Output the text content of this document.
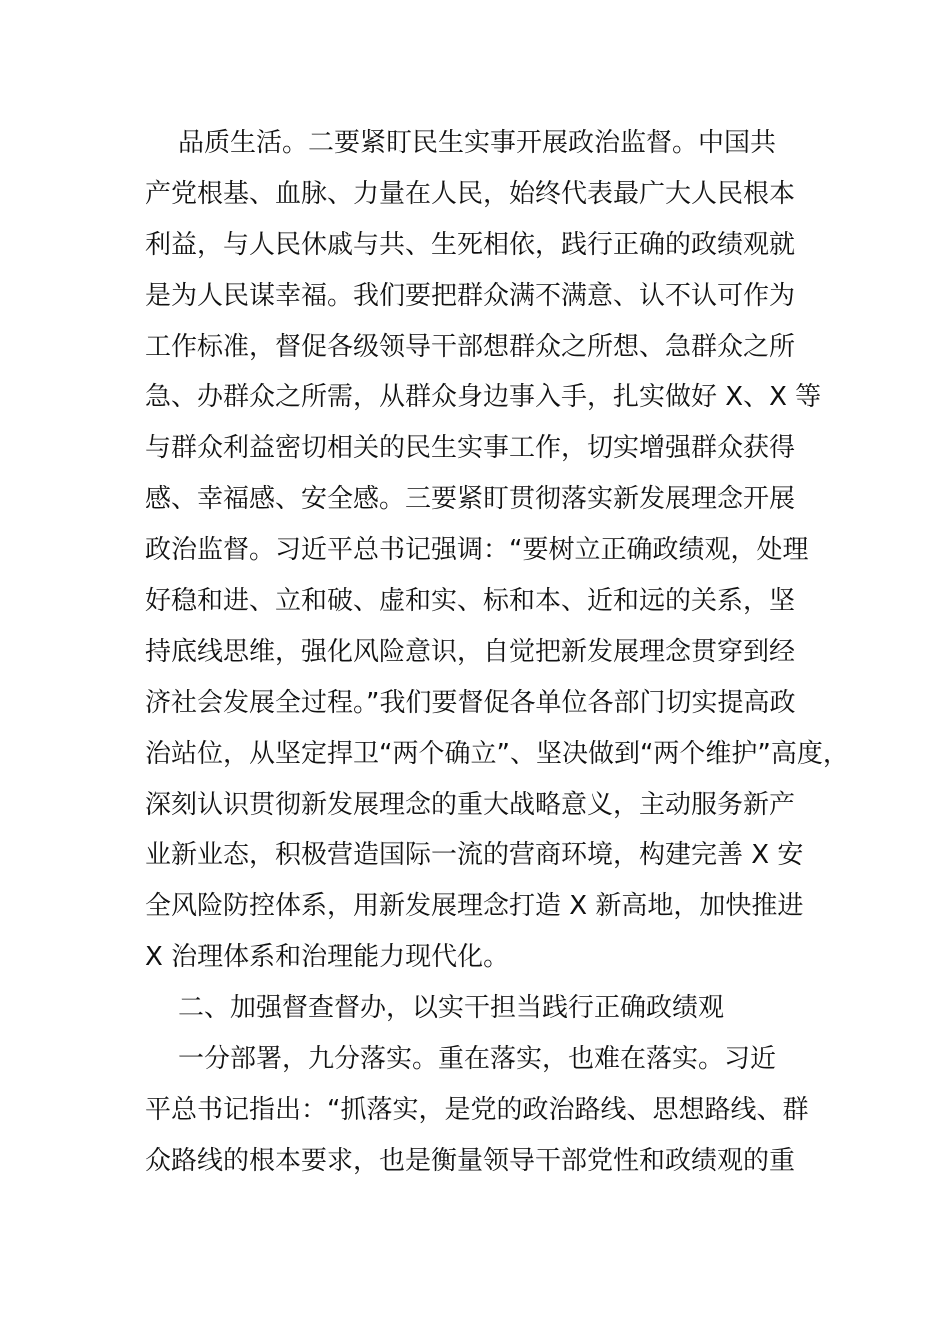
品质生活。二要紧盯民生实事开展政治监督。中国共

产党根基、血脉、力量在人民，始终代表最广大人民根本

利益，与人民休戚与共、生死相依，践行正确的政绩观就

是为人民谋幸福。我们要把群众满不满意、认不认可作为

工作标准，督促各级领导干部想群众之所想、急群众之所

急、办群众之所需，从群众身边事入手，扎实做好 X、X 等

与群众利益密切相关的民生实事工作，切实增强群众获得

感、幸福感、安全感。三要紧盯贯彻落实新发展理念开展

政治监督。习近平总书记强调：“要树立正确政绩观，处理

好稳和进、立和破、虚和实、标和本、近和远的关系，坚

持底线思维，强化风险意识，自觉把新发展理念贯穿到经

济社会发展全过程。”我们要督促各单位各部门切实提高政

治站位，从坚定捍卫“两个确立”、坚决做到“两个维护”高度，

深刻认识贯彻新发展理念的重大战略意义，主动服务新产

业新业态，积极营造国际一流的营商环境，构建完善 X 安

全风险防控体系，用新发展理念打造 X 新高地，加快推进

X 治理体系和治理能力现代化。

二、加强督查督办，以实干担当践行正确政绩观

一分部署，九分落实。重在落实，也难在落实。习近

平总书记指出：“抓落实，是党的政治路线、思想路线、群

众路线的根本要求，也是衡量领导干部党性和政绩观的重
